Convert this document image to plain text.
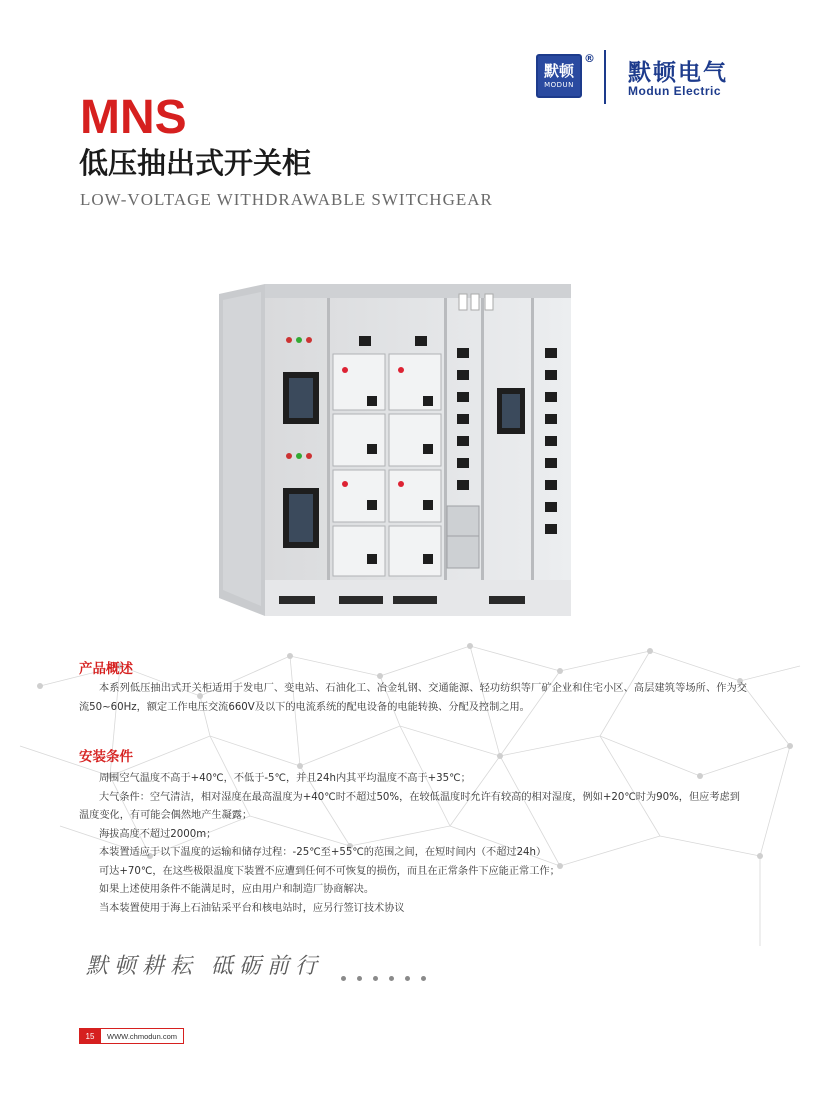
默顿
MODUN
®
默顿电气
Modun Electric
MNS
低压抽出式开关柜
LOW-VOLTAGE WITHDRAWABLE SWITCHGEAR
产品概述

本系列低压抽出式开关柜适用于发电厂、变电站、石油化工、冶金轧钢、交通能源、轻功纺织等厂矿企业和住宅小区、高层建筑等场所、作为交流50~60Hz，额定工作电压交流660V及以下的电流系统的配电设备的电能转换、分配及控制之用。

安装条件

周围空气温度不高于+40℃，不低于-5℃，并且24h内其平均温度不高于+35℃；

大气条件：空气清洁，相对湿度在最高温度为+40℃时不超过50%，在较低温度时允许有较高的相对湿度，例如+20℃时为90%，但应考虑到温度变化，有可能会偶然地产生凝露；

海拔高度不超过2000m；

本装置适应于以下温度的运输和储存过程：-25℃至+55℃的范围之间，在短时间内（不超过24h）

可达+70℃，在这些极限温度下装置不应遭到任何不可恢复的损伤，而且在正常条件下应能正常工作；

如果上述使用条件不能满足时，应由用户和制造厂协商解决。

当本装置使用于海上石油钻采平台和核电站时，应另行签订技术协议

默顿耕耘 砥砺前行
15	WWW.chmodun.com
